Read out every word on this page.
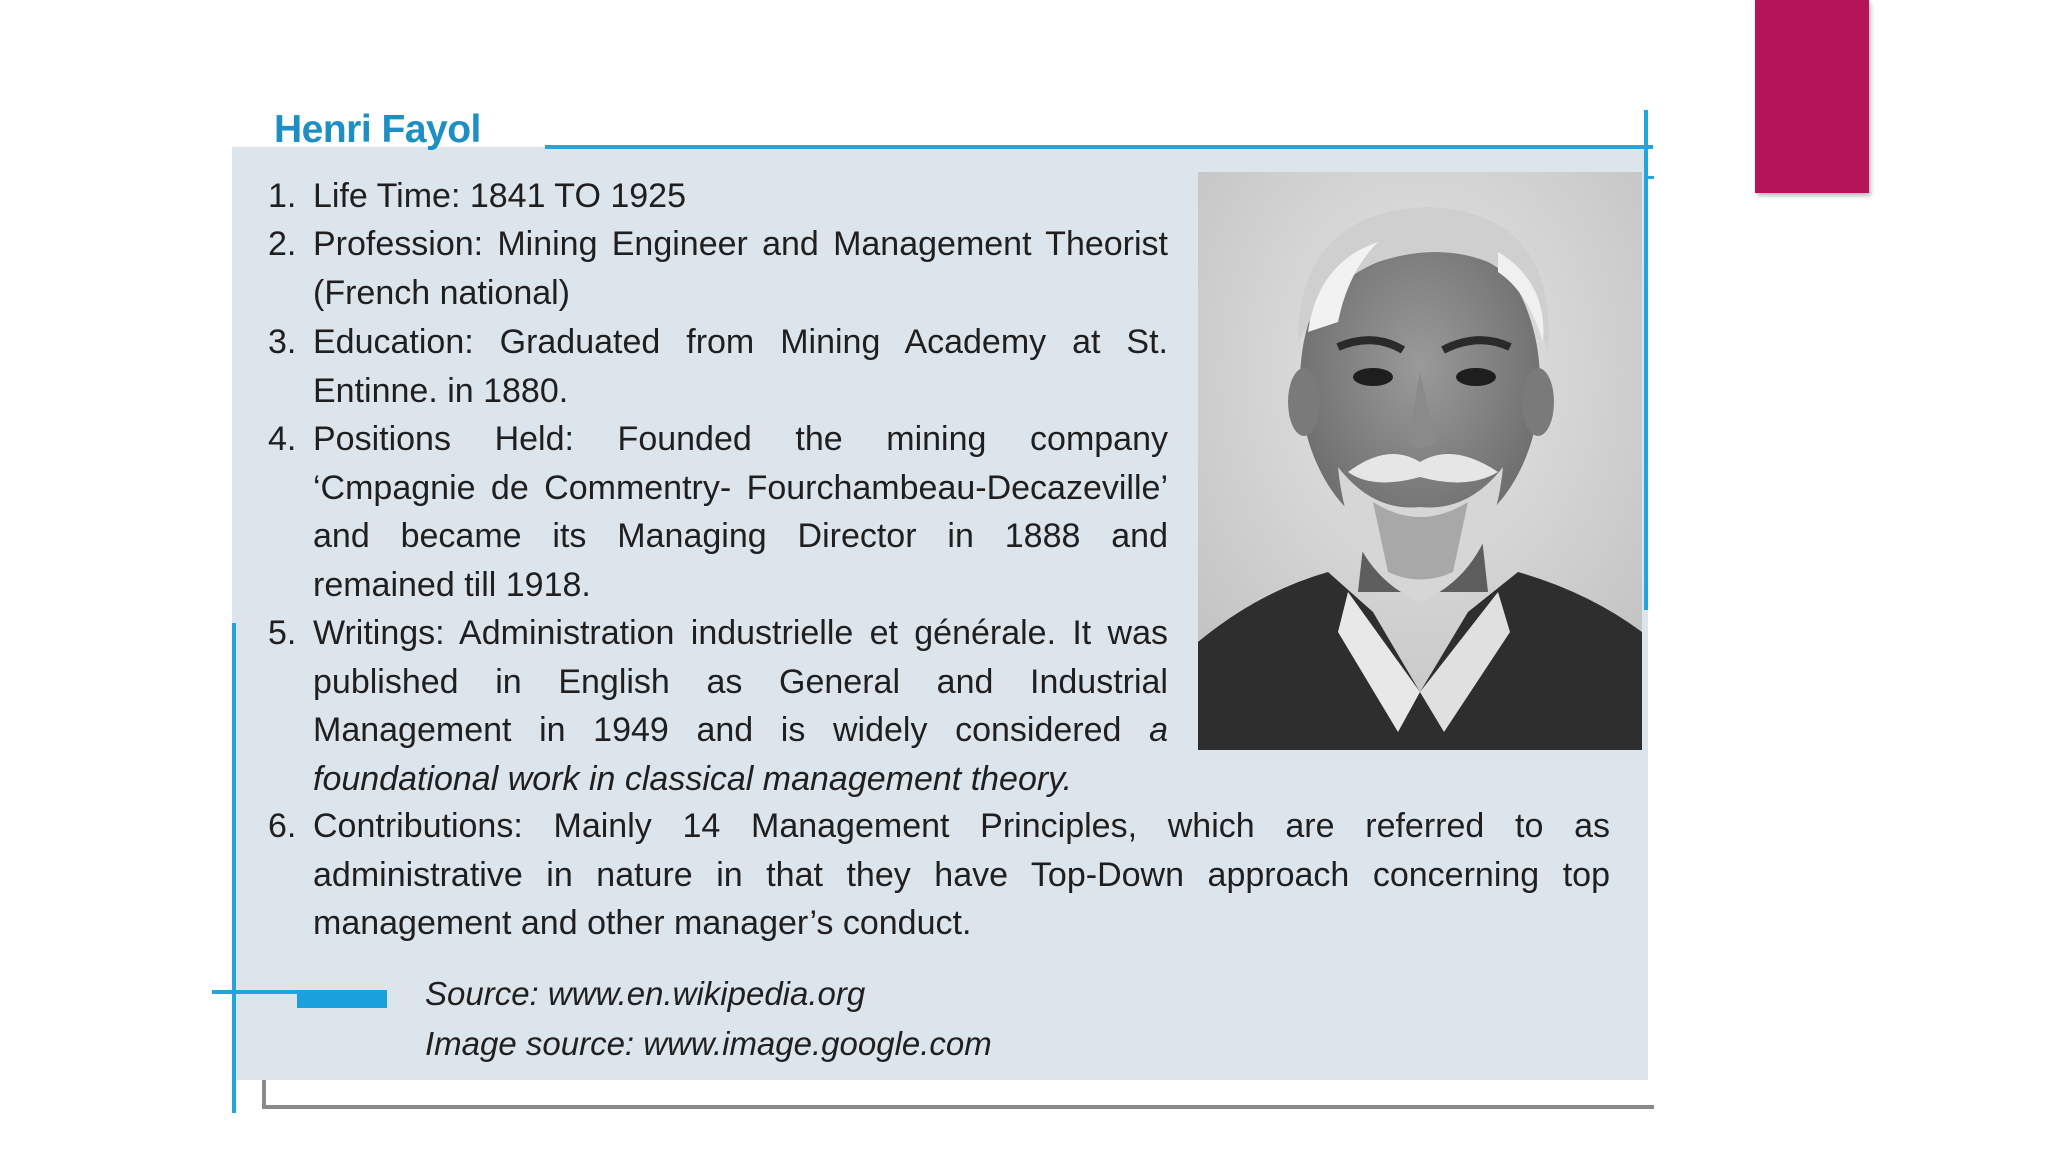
Henri Fayol
1. Life Time: 1841 TO 1925
2. Profession: Mining Engineer and Management Theorist (French national)
3. Education: Graduated from Mining Academy at St. Entinne. in 1880.
4. Positions Held: Founded the mining company ‘Cmpagnie de Commentry- Fourchambeau-Decazeville’ and became its Managing Director in 1888 and remained till 1918.
5. Writings: Administration industrielle et générale. It was published in English as General and Industrial Management in 1949 and is widely considered a foundational work in classical management theory.
6. Contributions: Mainly 14 Management Principles, which are referred to as administrative in nature in that they have Top-Down approach concerning top management and other manager’s conduct.
Source: www.en.wikipedia.org
Image source: www.image.google.com
